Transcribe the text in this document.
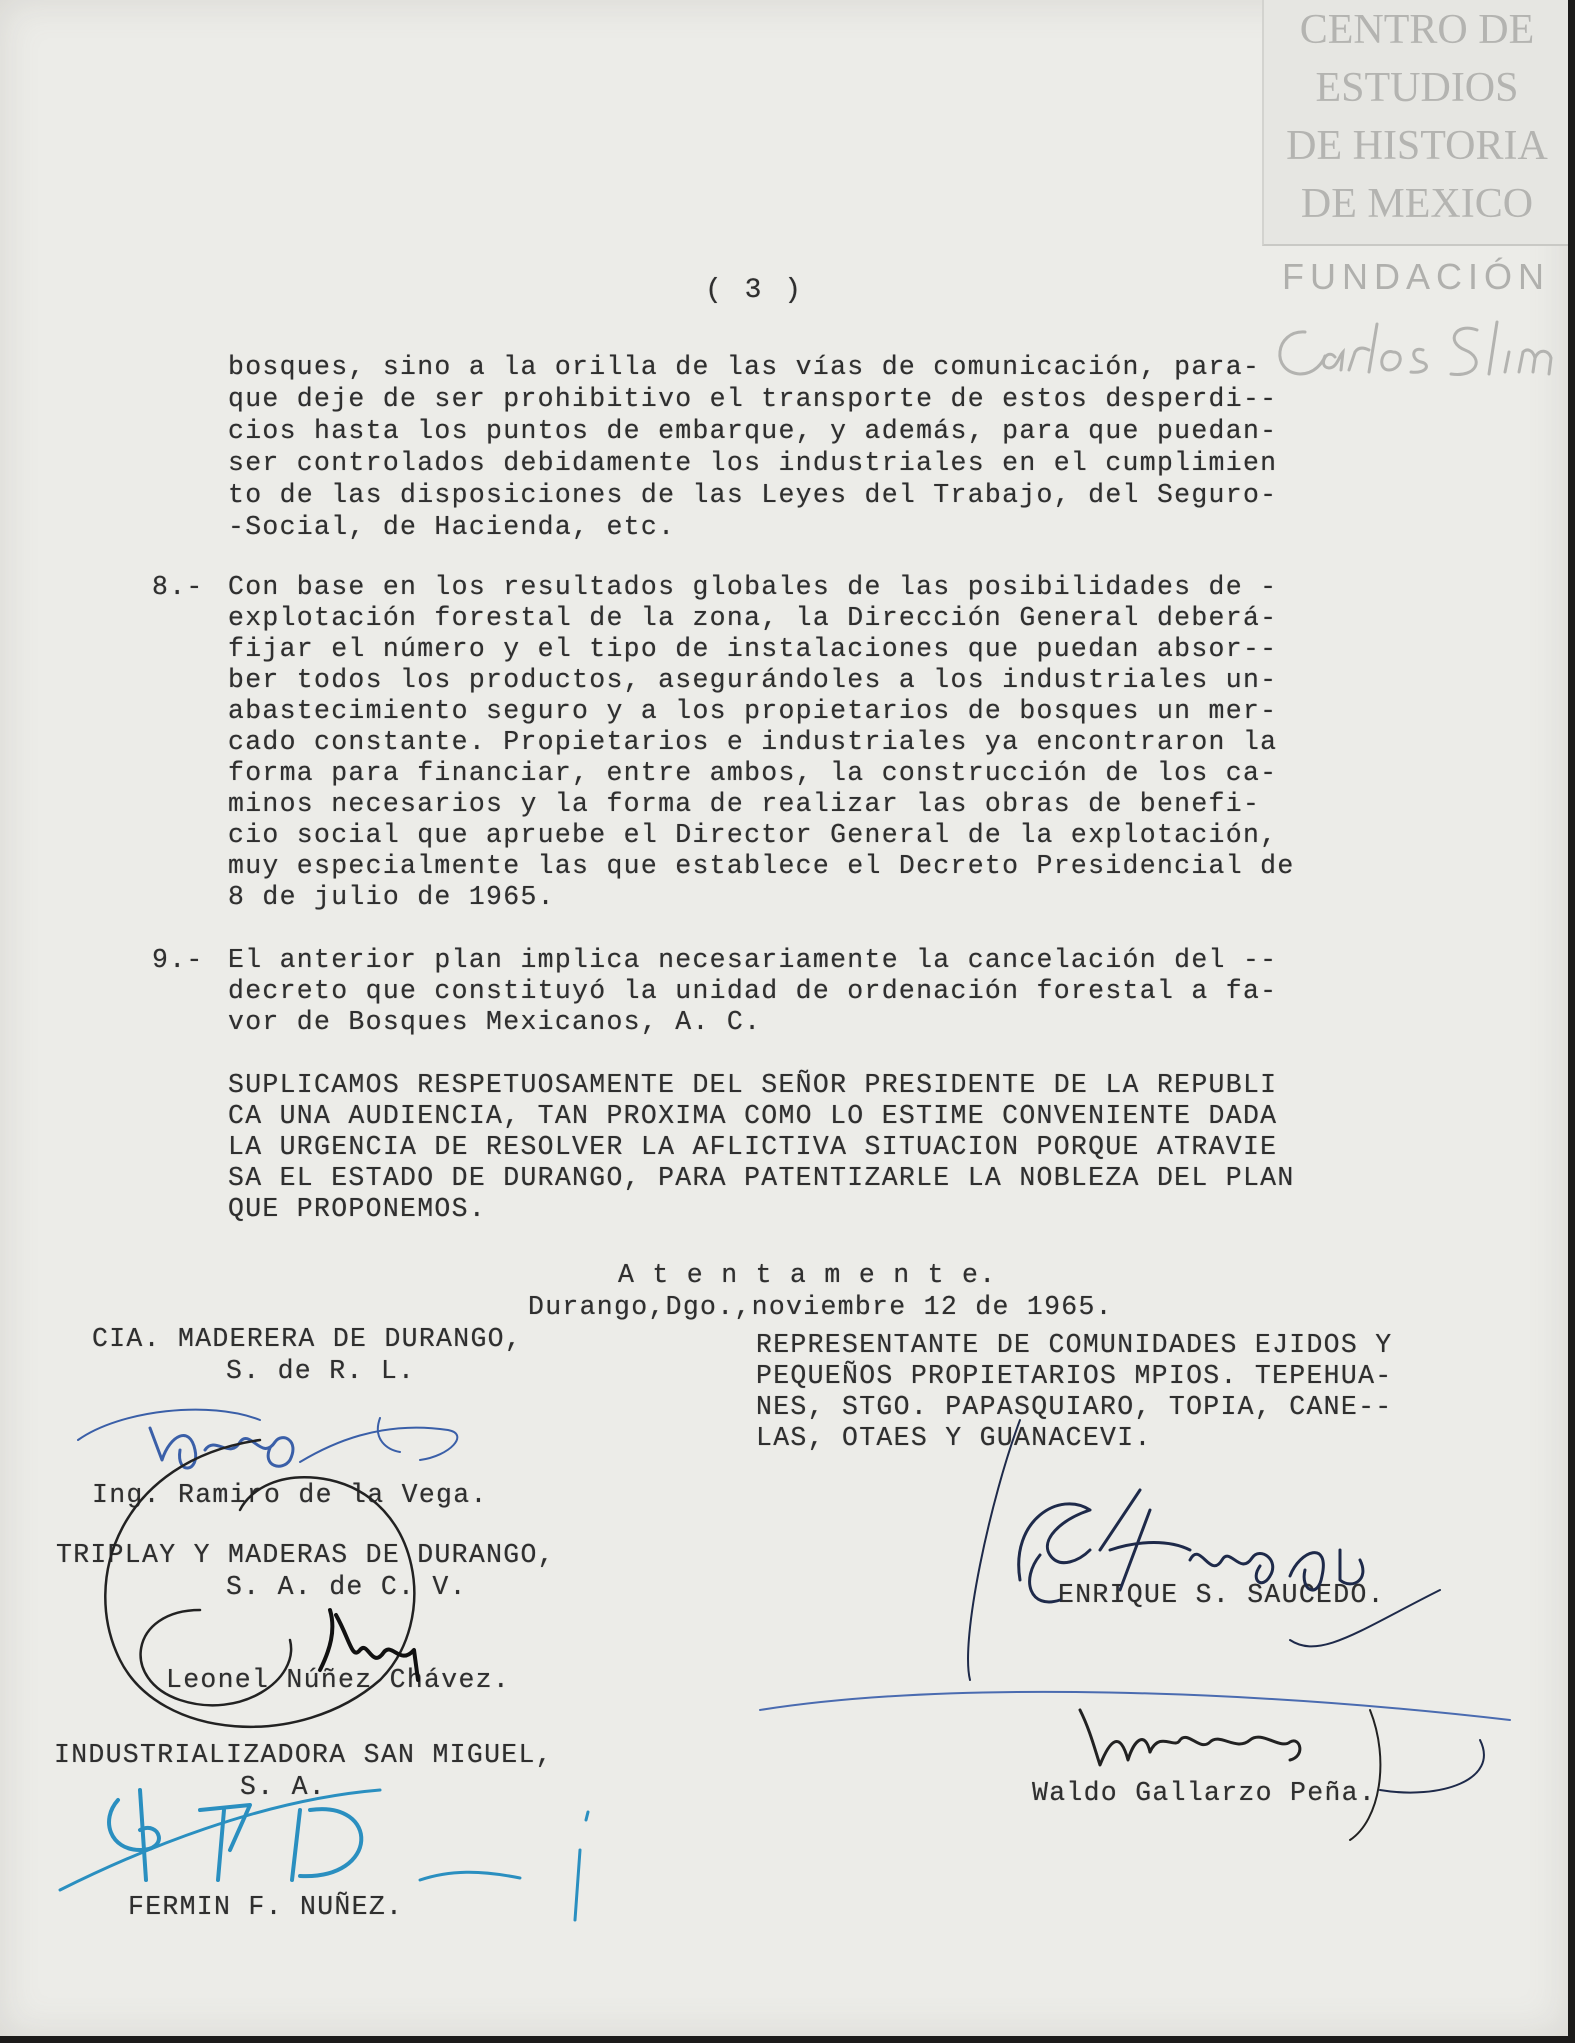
CENTRO DE
ESTUDIOS
DE HISTORIA
DE MEXICO
FUNDACIÓN
( 3 )
bosques, sino a la orilla de las vías de comunicación, para-
que deje de ser prohibitivo el transporte de estos desperdi--
cios hasta los puntos de embarque, y además, para que puedan-
ser controlados debidamente los industriales en el cumplimien
to de las disposiciones de las Leyes del Trabajo, del Seguro-
-Social, de Hacienda, etc.
8.- Con base en los resultados globales de las posibilidades de -
explotación forestal de la zona, la Dirección General deberá-
fijar el número y el tipo de instalaciones que puedan absor--
ber todos los productos, asegurándoles a los industriales un-
abastecimiento seguro y a los propietarios de bosques un mer-
cado constante. Propietarios e industriales ya encontraron la
forma para financiar, entre ambos, la construcción de los ca-
minos necesarios y la forma de realizar las obras de benefi-
cio social que apruebe el Director General de la explotación,
muy especialmente las que establece el Decreto Presidencial de
8 de julio de 1965.
9.- El anterior plan implica necesariamente la cancelación del --
decreto que constituyó la unidad de ordenación forestal a fa-
vor de Bosques Mexicanos, A. C.
SUPLICAMOS RESPETUOSAMENTE DEL SEÑOR PRESIDENTE DE LA REPUBLI
CA UNA AUDIENCIA, TAN PROXIMA COMO LO ESTIME CONVENIENTE DADA
LA URGENCIA DE RESOLVER LA AFLICTIVA SITUACION PORQUE ATRAVIE
SA EL ESTADO DE DURANGO, PARA PATENTIZARLE LA NOBLEZA DEL PLAN
QUE PROPONEMOS.
A t e n t a m e n t e.
Durango,Dgo.,noviembre 12 de 1965.
CIA. MADERERA DE DURANGO,
S. de R. L.
Ing. Ramiro de la Vega.
TRIPLAY Y MADERAS DE DURANGO,
S. A. de C. V.
Leonel Núñez Chávez.
INDUSTRIALIZADORA SAN MIGUEL,
S. A.
FERMIN F. NUÑEZ.
REPRESENTANTE DE COMUNIDADES EJIDOS Y
PEQUEÑOS PROPIETARIOS MPIOS. TEPEHUA-
NES, STGO. PAPASQUIARO, TOPIA, CANE--
LAS, OTAES Y GUANACEVI.
ENRIQUE S. SAUCEDO.
Waldo Gallarzo Peña.
